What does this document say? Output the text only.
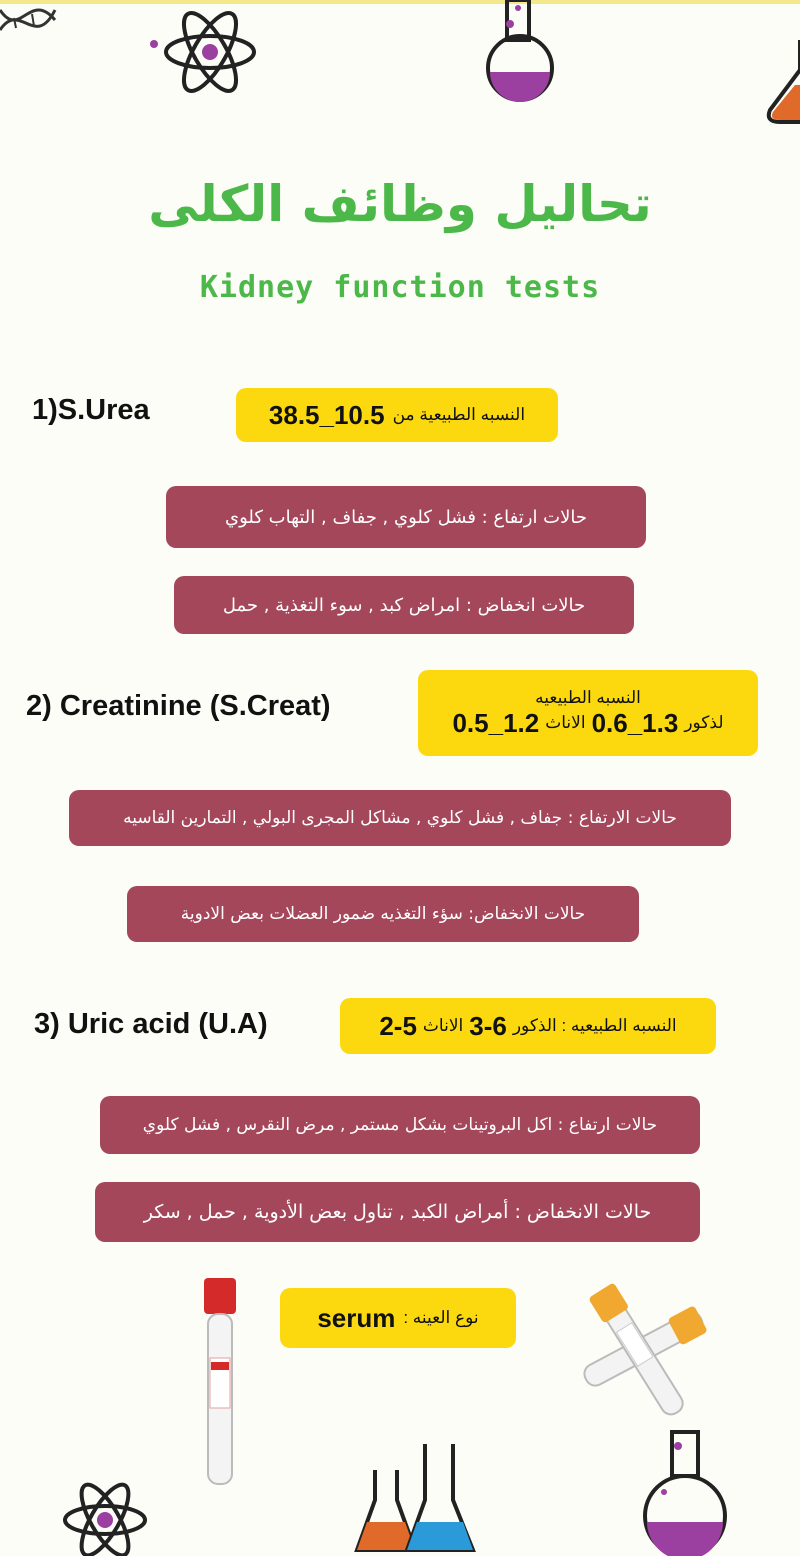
تحاليل وظائف الكلى
Kidney function tests
1)S.Urea	38.5_10.5 النسبه الطبيعية من
حالات ارتفاع : فشل كلوي , جفاف , التهاب كلوي
حالات انخفاض : امراض كبد , سوء التغذية , حمل
2) Creatinine (S.Creat)	النسبه الطبيعيه
0.5_1.2 الاناث 0.6_1.3 لذكور
حالات الارتفاع : جفاف , فشل كلوي , مشاكل المجرى البولي , التمارين القاسيه
حالات الانخفاض: سؤء التغذيه ضمور العضلات بعض الادوية
3) Uric acid (U.A)	2-5 الاناث 3-6 النسبه الطبيعيه : الذكور
حالات ارتفاع : اكل البروتينات بشكل مستمر , مرض النقرس , فشل كلوي
حالات الانخفاض : أمراض الكبد , تناول بعض الأدوية , حمل , سكر
serum نوع العينه :
